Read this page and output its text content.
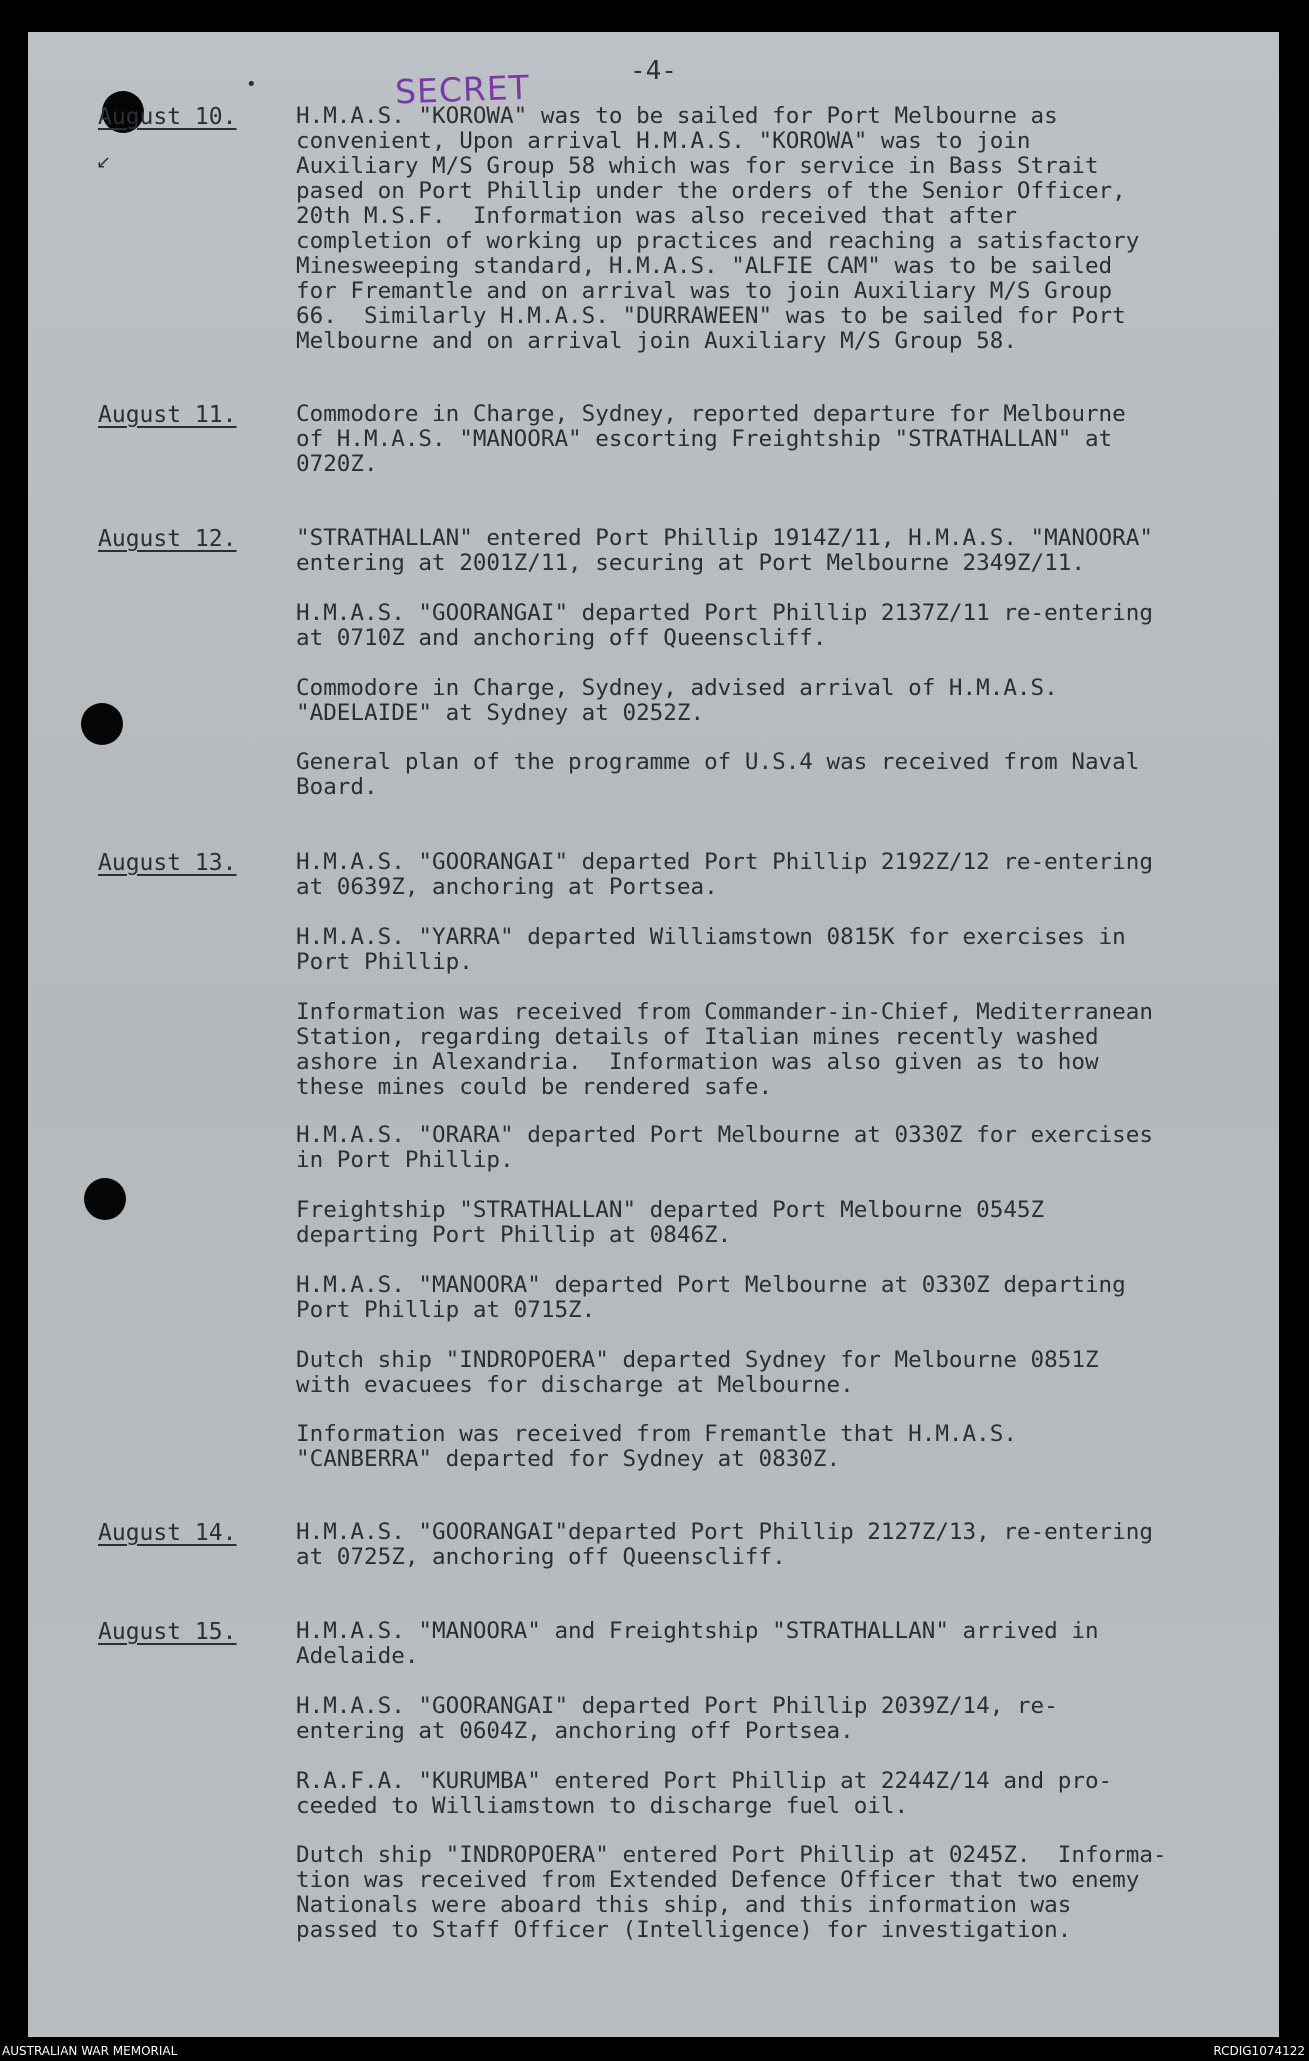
•
↙
-4-
SECRET
August 10.	H.M.A.S. "KOROWA" was to be sailed for Port Melbourne as
convenient, Upon arrival H.M.A.S. "KOROWA" was to join
Auxiliary M/S Group 58 which was for service in Bass Strait
pased on Port Phillip under the orders of the Senior Officer,
20th M.S.F.  Information was also received that after
completion of working up practices and reaching a satisfactory
Minesweeping standard, H.M.A.S. "ALFIE CAM" was to be sailed
for Fremantle and on arrival was to join Auxiliary M/S Group
66.  Similarly H.M.A.S. "DURRAWEEN" was to be sailed for Port
Melbourne and on arrival join Auxiliary M/S Group 58.

August 11.	Commodore in Charge, Sydney, reported departure for Melbourne
of H.M.A.S. "MANOORA" escorting Freightship "STRATHALLAN" at
0720Z.

August 12.	"STRATHALLAN" entered Port Phillip 1914Z/11, H.M.A.S. "MANOORA"
entering at 2001Z/11, securing at Port Melbourne 2349Z/11.

H.M.A.S. "GOORANGAI" departed Port Phillip 2137Z/11 re-entering
at 0710Z and anchoring off Queenscliff.

Commodore in Charge, Sydney, advised arrival of H.M.A.S.
"ADELAIDE" at Sydney at 0252Z.

General plan of the programme of U.S.4 was received from Naval
Board.

August 13.	H.M.A.S. "GOORANGAI" departed Port Phillip 2192Z/12 re-entering
at 0639Z, anchoring at Portsea.

H.M.A.S. "YARRA" departed Williamstown 0815K for exercises in
Port Phillip.

Information was received from Commander-in-Chief, Mediterranean
Station, regarding details of Italian mines recently washed
ashore in Alexandria.  Information was also given as to how
these mines could be rendered safe.

H.M.A.S. "ORARA" departed Port Melbourne at 0330Z for exercises
in Port Phillip.

Freightship "STRATHALLAN" departed Port Melbourne 0545Z
departing Port Phillip at 0846Z.

H.M.A.S. "MANOORA" departed Port Melbourne at 0330Z departing
Port Phillip at 0715Z.

Dutch ship "INDROPOERA" departed Sydney for Melbourne 0851Z
with evacuees for discharge at Melbourne.

Information was received from Fremantle that H.M.A.S.
"CANBERRA" departed for Sydney at 0830Z.

August 14.	H.M.A.S. "GOORANGAI"departed Port Phillip 2127Z/13, re-entering
at 0725Z, anchoring off Queenscliff.

August 15.	H.M.A.S. "MANOORA" and Freightship "STRATHALLAN" arrived in
Adelaide.

H.M.A.S. "GOORANGAI" departed Port Phillip 2039Z/14, re-
entering at 0604Z, anchoring off Portsea.

R.A.F.A. "KURUMBA" entered Port Phillip at 2244Z/14 and pro-
ceeded to Williamstown to discharge fuel oil.

Dutch ship "INDROPOERA" entered Port Phillip at 0245Z.  Informa-
tion was received from Extended Defence Officer that two enemy
Nationals were aboard this ship, and this information was
passed to Staff Officer (Intelligence) for investigation.

AUSTRALIAN WAR MEMORIAL	RCDIG1074122
